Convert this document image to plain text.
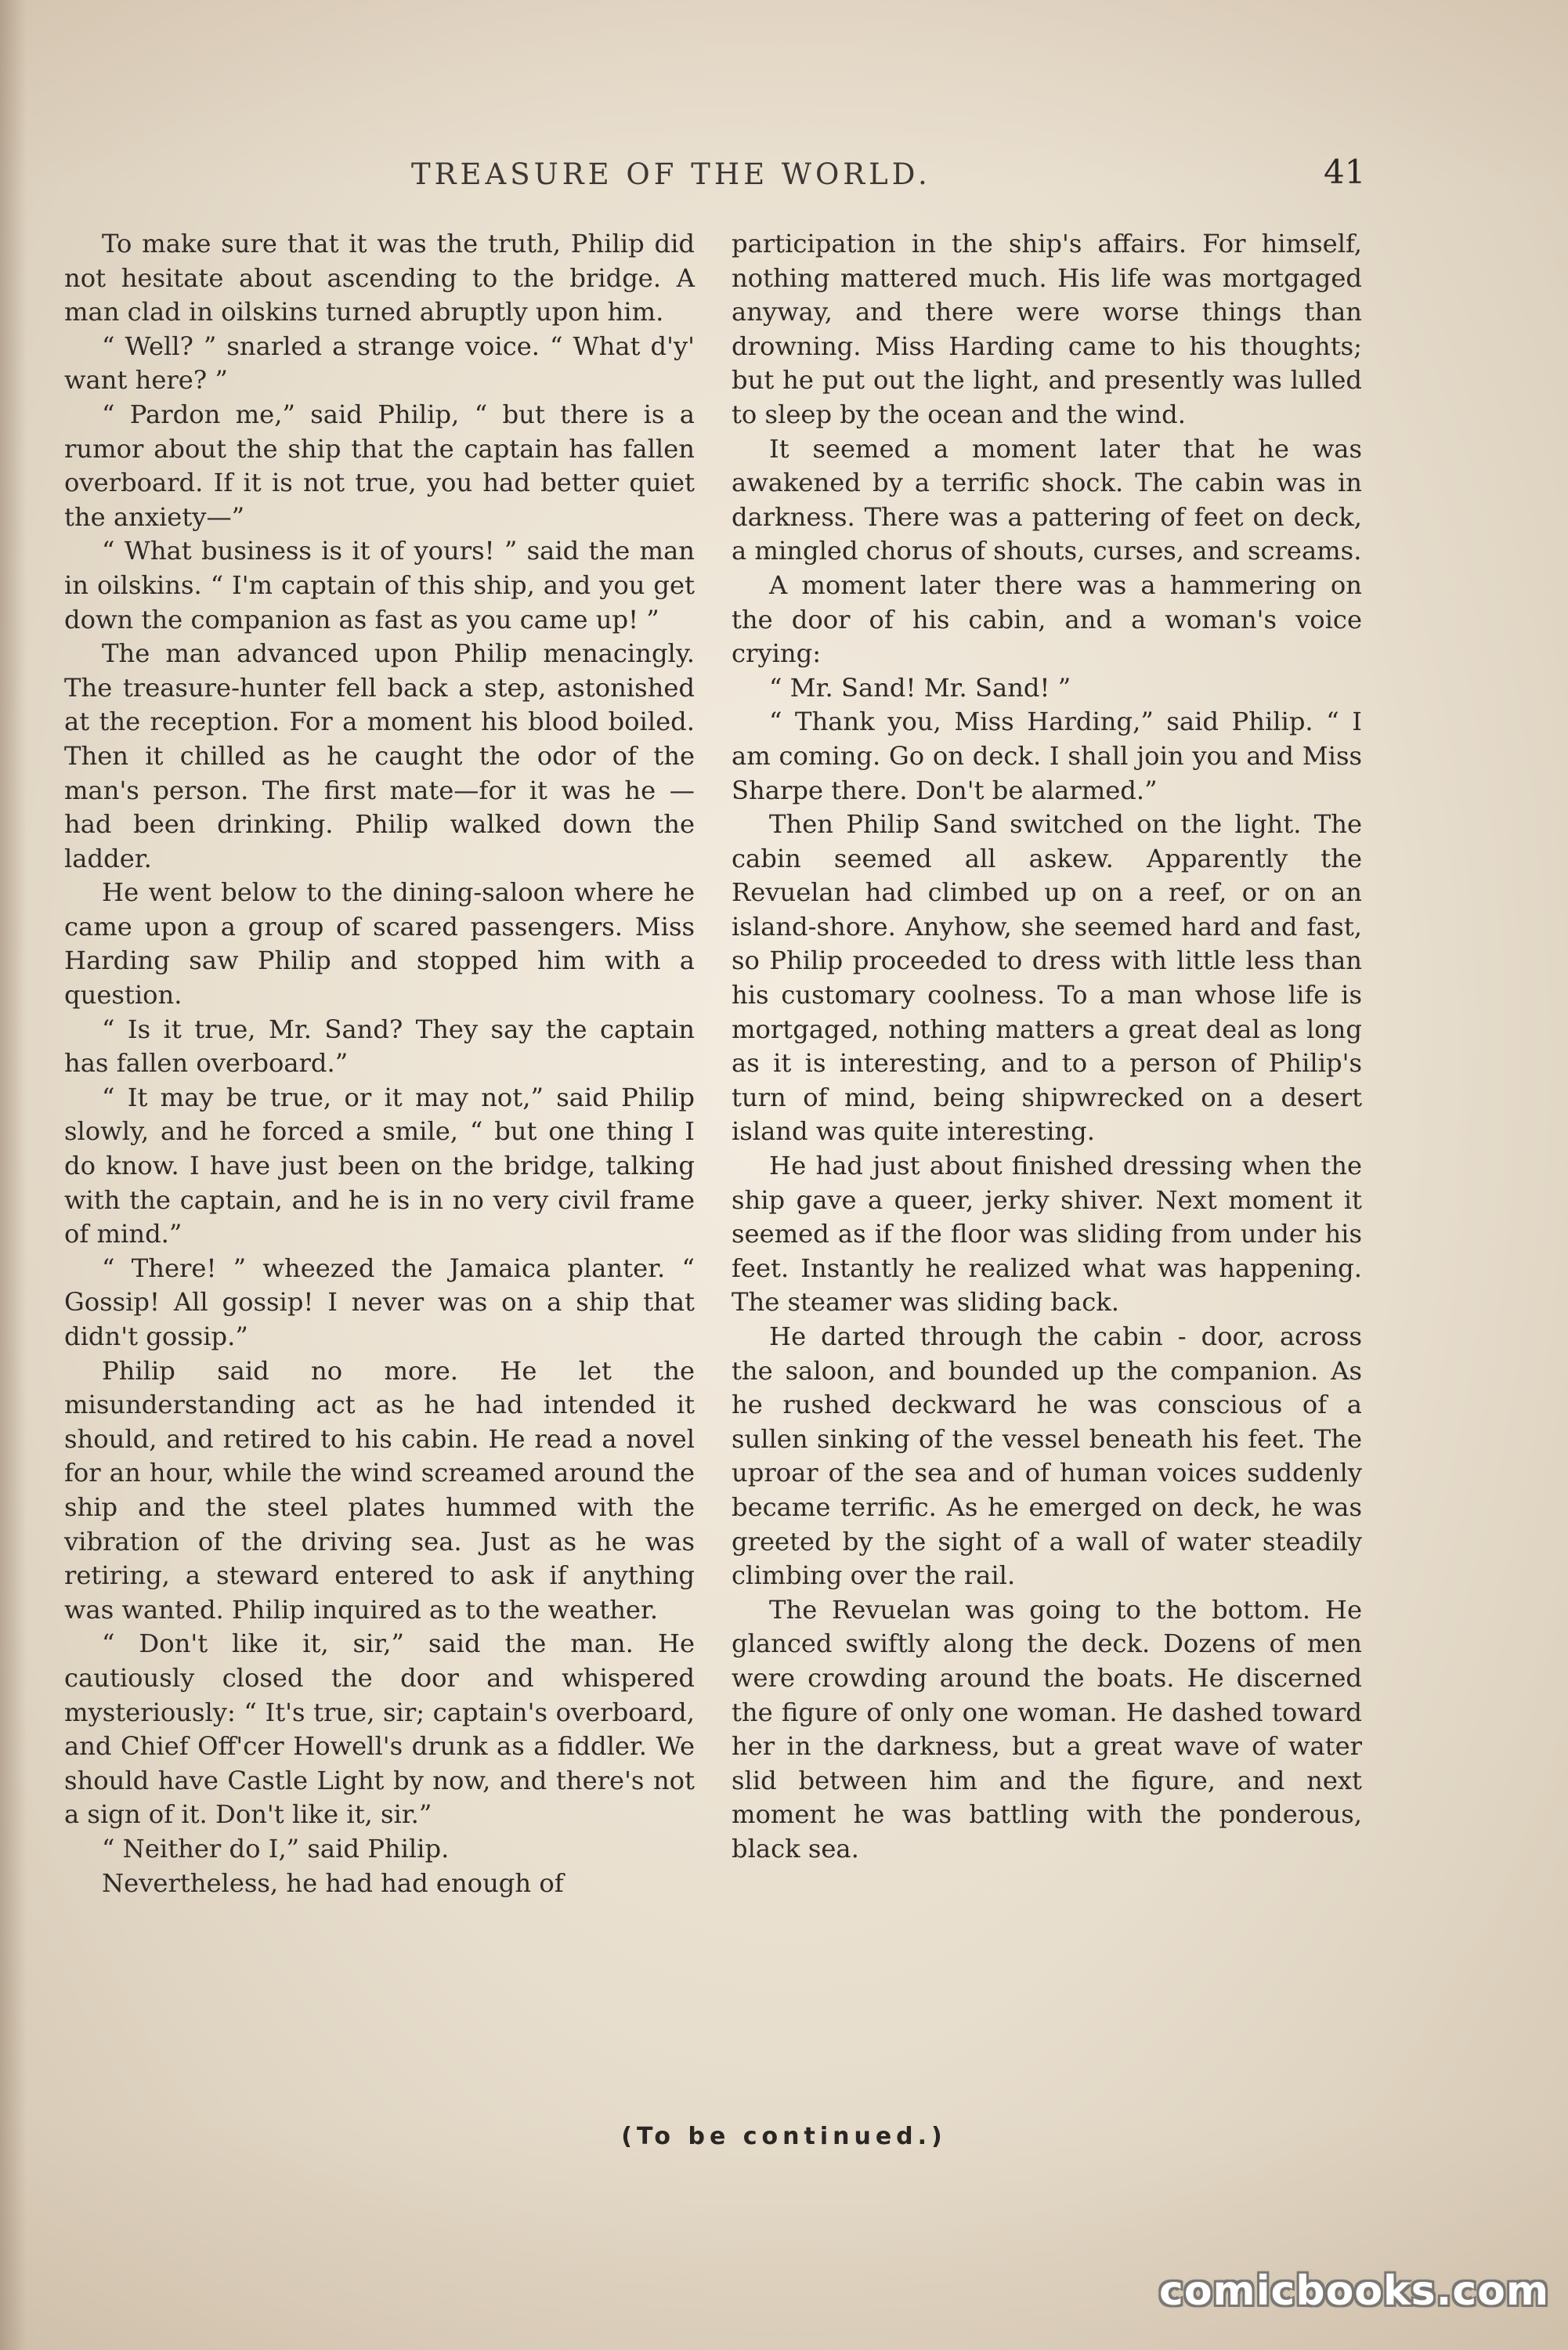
TREASURE OF THE WORLD.	41

To make sure that it was the truth, Philip did not hesitate about ascending to the bridge. A man clad in oilskins turned abruptly upon him.

“ Well? ” snarled a strange voice. “ What d'y' want here? ”

“ Pardon me,” said Philip, “ but there is a rumor about the ship that the captain has fallen overboard. If it is not true, you had better quiet the anxiety—”

“ What business is it of yours! ” said the man in oilskins. “ I'm captain of this ship, and you get down the companion as fast as you came up! ”

The man advanced upon Philip menacingly. The treasure-hunter fell back a step, astonished at the reception. For a moment his blood boiled. Then it chilled as he caught the odor of the man's person. The first mate—for it was he — had been drinking. Philip walked down the ladder.

He went below to the dining-saloon where he came upon a group of scared passengers. Miss Harding saw Philip and stopped him with a question.

“ Is it true, Mr. Sand? They say the captain has fallen overboard.”

“ It may be true, or it may not,” said Philip slowly, and he forced a smile, “ but one thing I do know. I have just been on the bridge, talking with the captain, and he is in no very civil frame of mind.”

“ There! ” wheezed the Jamaica planter. “ Gossip! All gossip! I never was on a ship that didn't gossip.”

Philip said no more. He let the misunderstanding act as he had intended it should, and retired to his cabin. He read a novel for an hour, while the wind screamed around the ship and the steel plates hummed with the vibration of the driving sea. Just as he was retiring, a steward entered to ask if anything was wanted. Philip inquired as to the weather.

“ Don't like it, sir,” said the man. He cautiously closed the door and whispered mysteriously: “ It's true, sir; captain's overboard, and Chief Off'cer Howell's drunk as a fiddler. We should have Castle Light by now, and there's not a sign of it. Don't like it, sir.”

“ Neither do I,” said Philip.

Nevertheless, he had had enough of

participation in the ship's affairs. For himself, nothing mattered much. His life was mortgaged anyway, and there were worse things than drowning. Miss Harding came to his thoughts; but he put out the light, and presently was lulled to sleep by the ocean and the wind.

It seemed a moment later that he was awakened by a terrific shock. The cabin was in darkness. There was a pattering of feet on deck, a mingled chorus of shouts, curses, and screams.

A moment later there was a hammering on the door of his cabin, and a woman's voice crying:

“ Mr. Sand! Mr. Sand! ”

“ Thank you, Miss Harding,” said Philip. “ I am coming. Go on deck. I shall join you and Miss Sharpe there. Don't be alarmed.”

Then Philip Sand switched on the light. The cabin seemed all askew. Apparently the Revuelan had climbed up on a reef, or on an island-shore. Anyhow, she seemed hard and fast, so Philip proceeded to dress with little less than his customary coolness. To a man whose life is mortgaged, nothing matters a great deal as long as it is interesting, and to a person of Philip's turn of mind, being shipwrecked on a desert island was quite interesting.

He had just about finished dressing when the ship gave a queer, jerky shiver. Next moment it seemed as if the floor was sliding from under his feet. Instantly he realized what was happening. The steamer was sliding back.

He darted through the cabin - door, across the saloon, and bounded up the companion. As he rushed deckward he was conscious of a sullen sinking of the vessel beneath his feet. The uproar of the sea and of human voices suddenly became terrific. As he emerged on deck, he was greeted by the sight of a wall of water steadily climbing over the rail.

The Revuelan was going to the bottom. He glanced swiftly along the deck. Dozens of men were crowding around the boats. He discerned the figure of only one woman. He dashed toward her in the darkness, but a great wave of water slid between him and the figure, and next moment he was battling with the ponderous, black sea.

(To be continued.)
comicbooks.com
